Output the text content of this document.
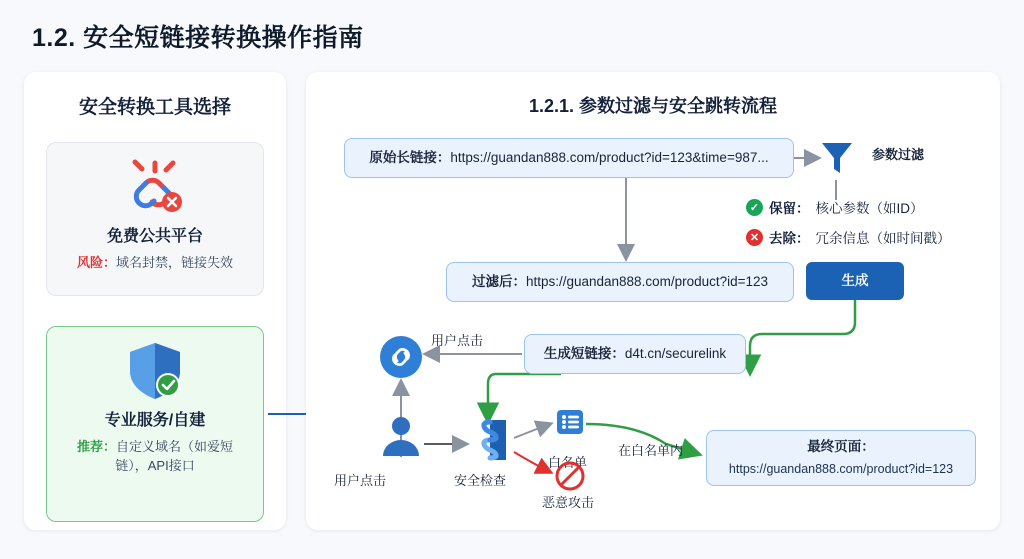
1.2. 安全短链接转换操作指南
安全转换工具选择
免费公共平台
风险：域名封禁，链接失效
专业服务/自建
推荐：自定义域名（如爱短链），API接口
1.2.1. 参数过滤与安全跳转流程
参数过滤
原始长链接： https://guandan888.com/product?id=123&time=987...
过滤后： https://guandan888.com/product?id=123	生成
生成短链接： d4t.cn/securelink
最终页面：
https://guandan888.com/product?id=123
✓ 保留： 核心参数（如ID）
✕ 去除： 冗余信息（如时间戳）
用户点击
用户点击	安全检查
白名单
恶意攻击
在白名单内
